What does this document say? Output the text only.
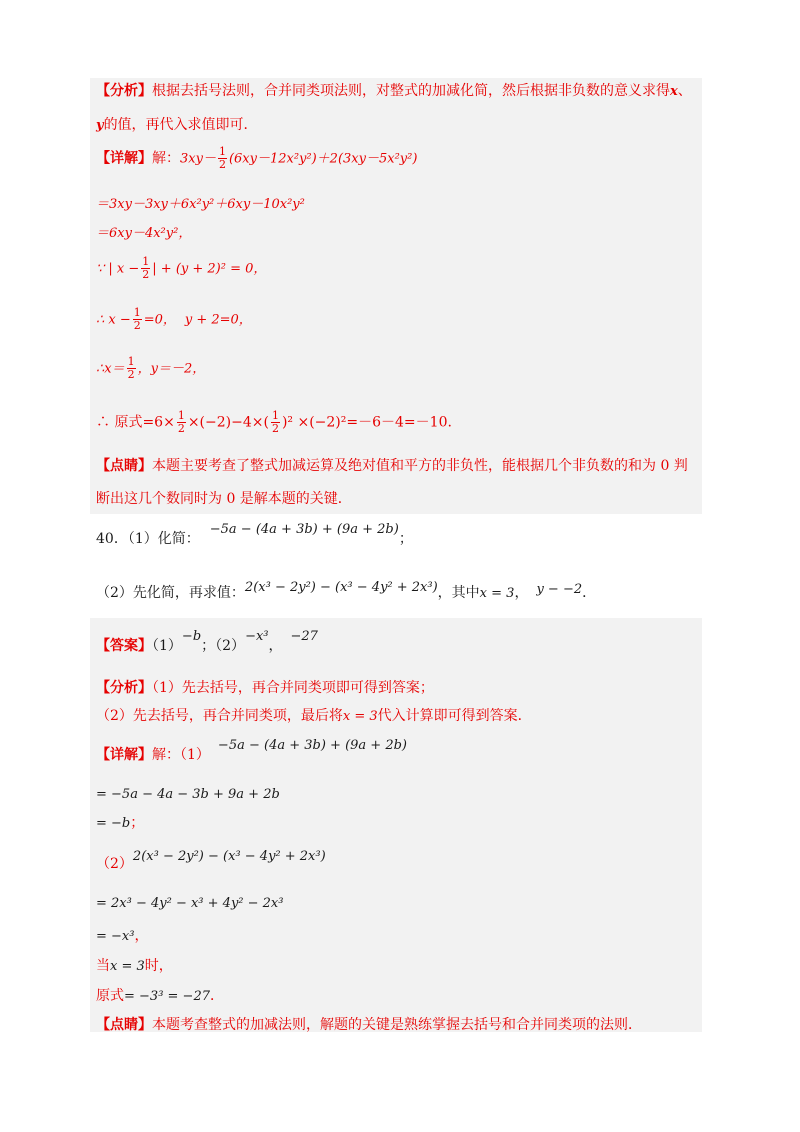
【分析】根据去括号法则，合并同类项法则，对整式的加减化简，然后根据非负数的意义求得x、
y的值，再代入求值即可．
【详解】解：$3xy- \frac{1}{2} (6xy-12x^2y^2)+2(3xy-5x^2y^2)$
＝3xy－3xy＋6x²y²＋6xy－10x²y²
＝6xy－4x²y²，
∵ | $x - \frac{1}{2}$ | + (y + 2)² = 0，
∴ $x - \frac{1}{2} =0$， y + 2=0，
∴x＝ $\frac{1}{2}$ ，y＝－2，
∴ 原式$=6\times \frac{1}{2} \times(-2)-4\times( \frac{1}{2} )^2 \times(-2)^2=-6-4=-10$.
【点睛】本题主要考查了整式加减运算及绝对值和平方的非负性，能根据几个非负数的和为 0 判
断出这几个数同时为 0 是解本题的关键．
40．（1）化简：−5a − (4a + 3b) + (9a + 2b)；
（2）先化简，再求值：2(x³ − 2y²) − (x³ − 4y² + 2x³)，其中x = 3， y − −2．
【答案】（1）−b；（2）−x³，−27
【分析】（1）先去括号，再合并同类项即可得到答案；
（2）先去括号，再合并同类项，最后将x = 3代入计算即可得到答案．
【详解】解：（1）−5a − (4a + 3b) + (9a + 2b)
= −5a − 4a − 3b + 9a + 2b
= −b；
（2）2(x³ − 2y²) − (x³ − 4y² + 2x³)
= 2x³ − 4y² − x³ + 4y² − 2x³
= −x³，
当x = 3时，
原式= −3³ = −27．
【点睛】本题考查整式的加减法则，解题的关键是熟练掌握去括号和合并同类项的法则．
